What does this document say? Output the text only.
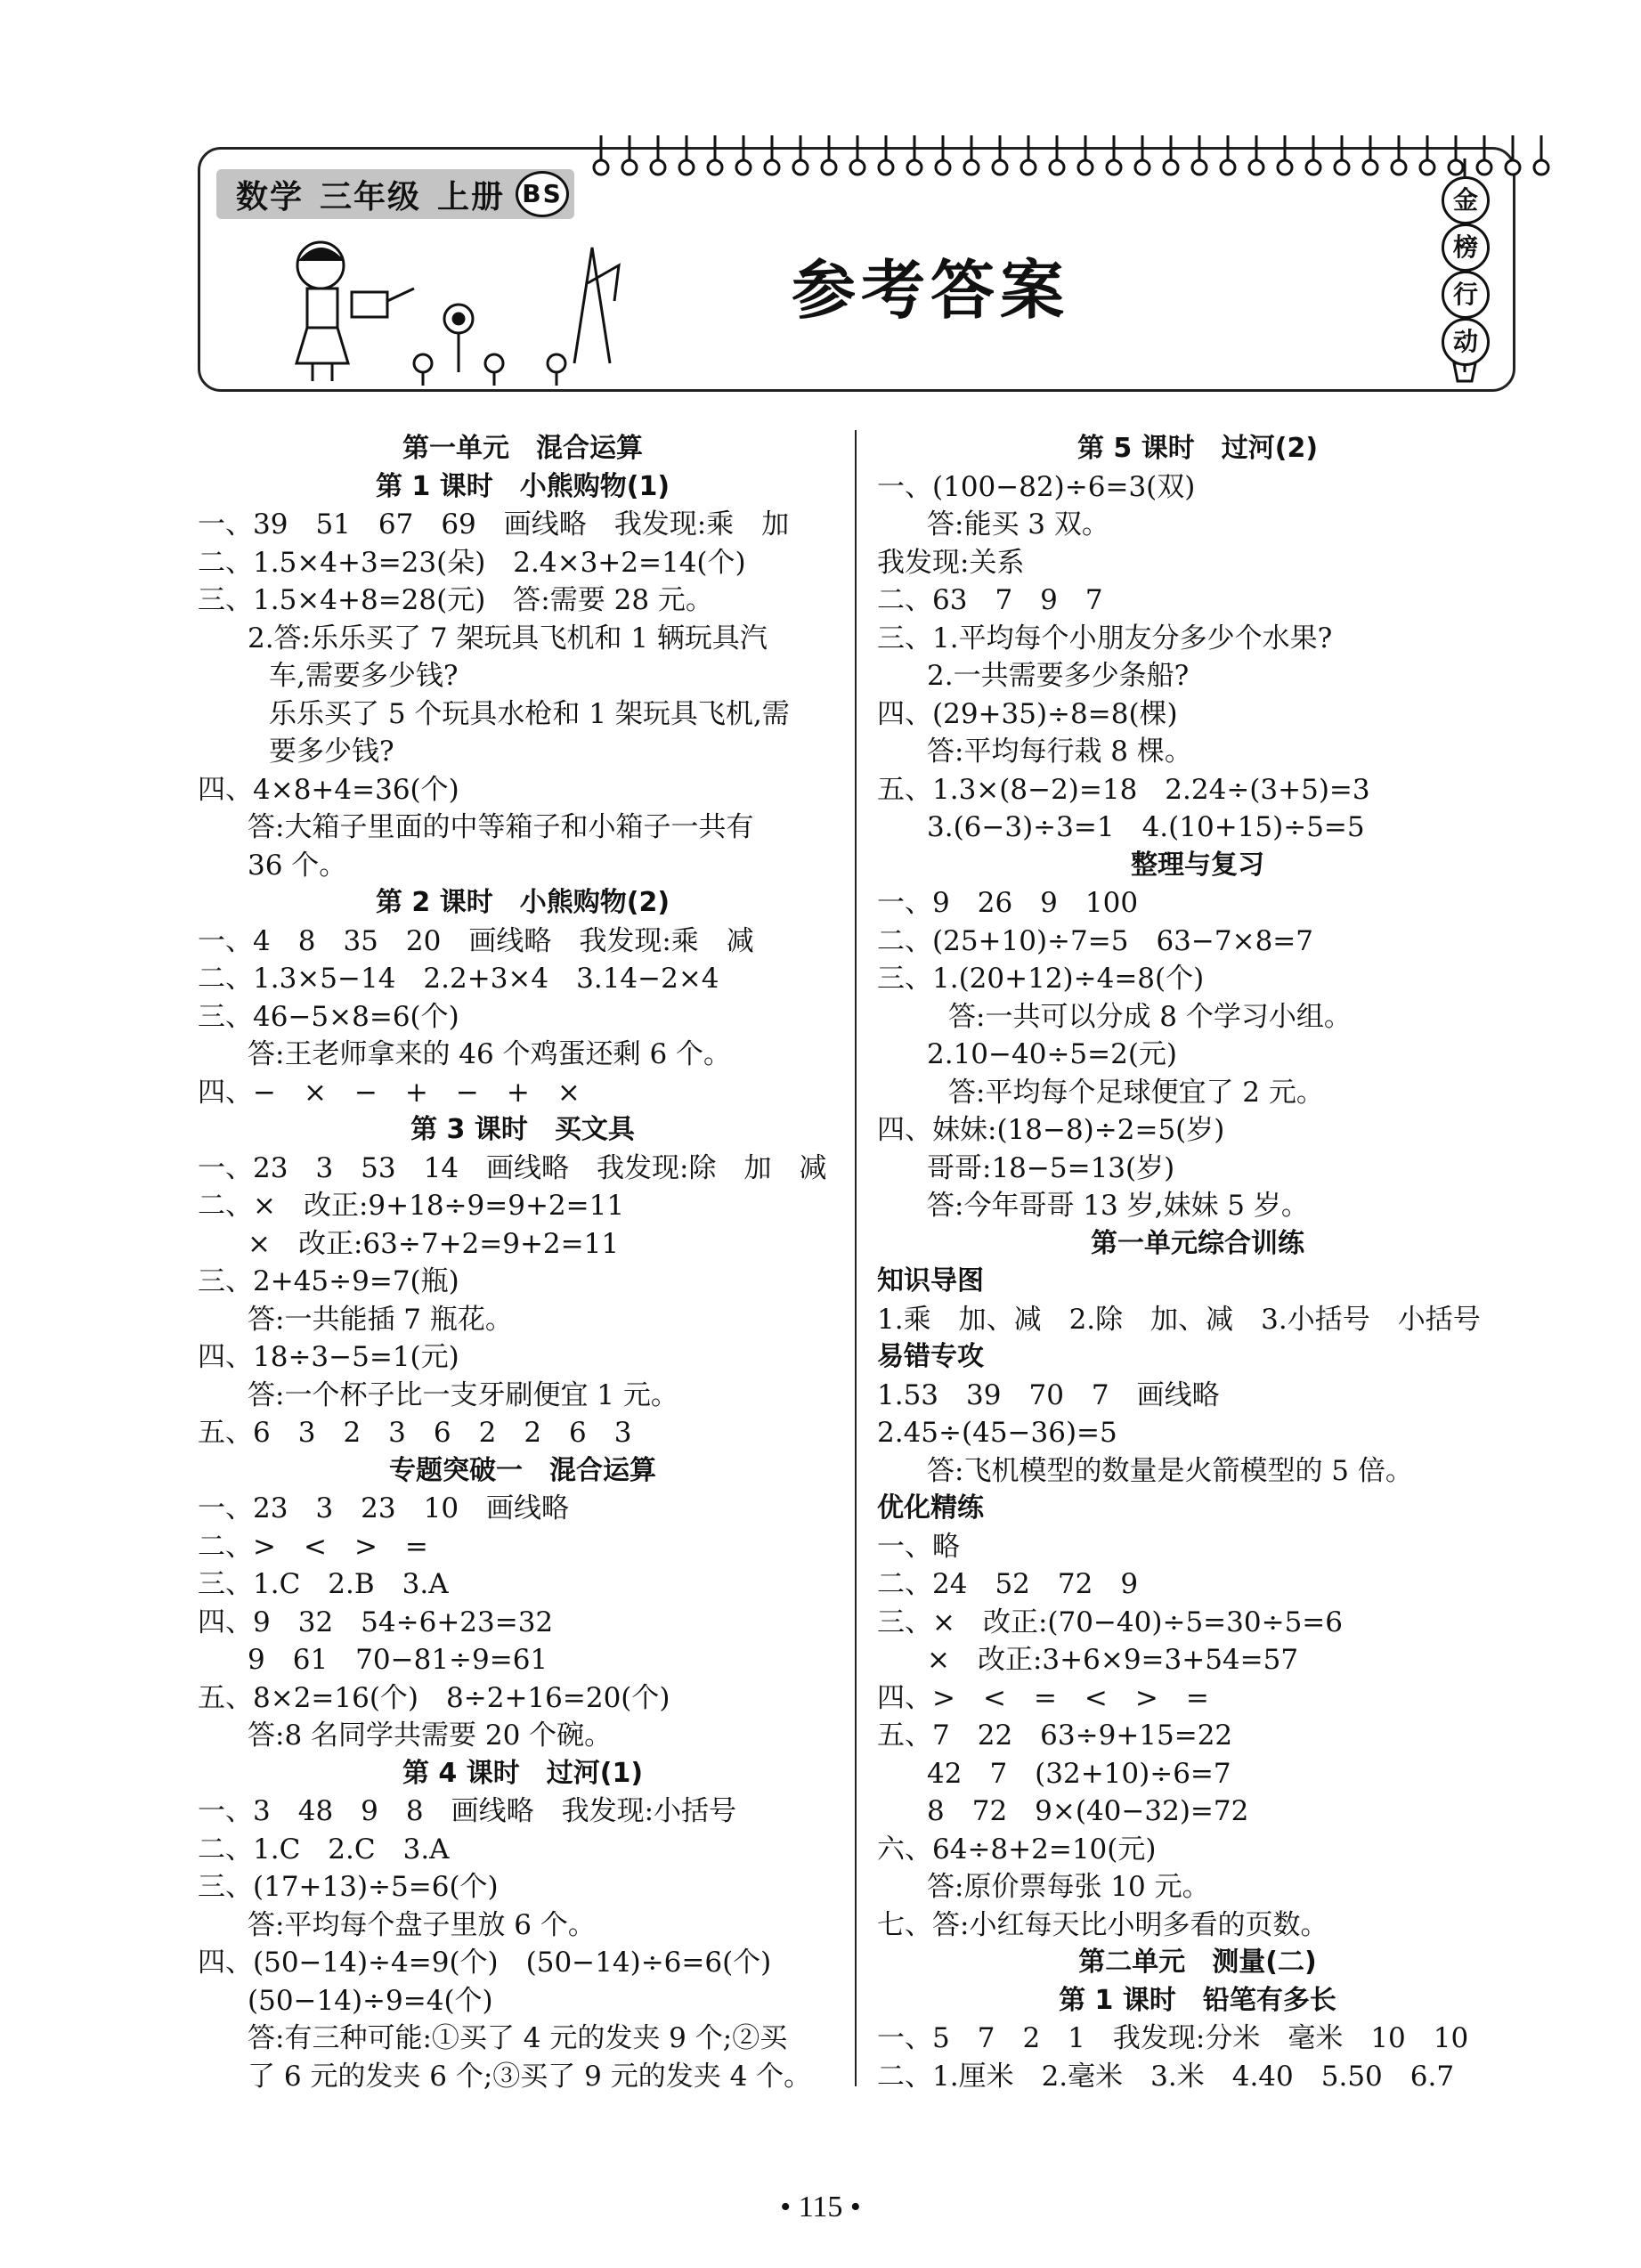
数学 三年级 上册 BS
参考答案
金
榜
行
动
第一单元　混合运算
第 1 课时　小熊购物(1)
一、39　51　67　69　画线略　我发现:乘　加
二、1.5×4+3=23(朵)　2.4×3+2=14(个)
三、1.5×4+8=28(元)　答:需要 28 元。
2.答:乐乐买了 7 架玩具飞机和 1 辆玩具汽
车,需要多少钱?
乐乐买了 5 个玩具水枪和 1 架玩具飞机,需
要多少钱?
四、4×8+4=36(个)
答:大箱子里面的中等箱子和小箱子一共有
36 个。
第 2 课时　小熊购物(2)
一、4　8　35　20　画线略　我发现:乘　减
二、1.3×5−14　2.2+3×4　3.14−2×4
三、46−5×8=6(个)
答:王老师拿来的 46 个鸡蛋还剩 6 个。
四、−　×　−　+　−　+　×
第 3 课时　买文具
一、23　3　53　14　画线略　我发现:除　加　减
二、×　改正:9+18÷9=9+2=11
×　改正:63÷7+2=9+2=11
三、2+45÷9=7(瓶)
答:一共能插 7 瓶花。
四、18÷3−5=1(元)
答:一个杯子比一支牙刷便宜 1 元。
五、6　3　2　3　6　2　2　6　3
专题突破一　混合运算
一、23　3　23　10　画线略
二、>　<　>　=
三、1.C　2.B　3.A
四、9　32　54÷6+23=32
9　61　70−81÷9=61
五、8×2=16(个)　8÷2+16=20(个)
答:8 名同学共需要 20 个碗。
第 4 课时　过河(1)
一、3　48　9　8　画线略　我发现:小括号
二、1.C　2.C　3.A
三、(17+13)÷5=6(个)
答:平均每个盘子里放 6 个。
四、(50−14)÷4=9(个)　(50−14)÷6=6(个)
(50−14)÷9=4(个)
答:有三种可能:①买了 4 元的发夹 9 个;②买
了 6 元的发夹 6 个;③买了 9 元的发夹 4 个。
第 5 课时　过河(2)
一、(100−82)÷6=3(双)
答:能买 3 双。
我发现:关系
二、63　7　9　7
三、1.平均每个小朋友分多少个水果?
2.一共需要多少条船?
四、(29+35)÷8=8(棵)
答:平均每行栽 8 棵。
五、1.3×(8−2)=18　2.24÷(3+5)=3
3.(6−3)÷3=1　4.(10+15)÷5=5
整理与复习
一、9　26　9　100
二、(25+10)÷7=5　63−7×8=7
三、1.(20+12)÷4=8(个)
答:一共可以分成 8 个学习小组。
2.10−40÷5=2(元)
答:平均每个足球便宜了 2 元。
四、妹妹:(18−8)÷2=5(岁)
哥哥:18−5=13(岁)
答:今年哥哥 13 岁,妹妹 5 岁。
第一单元综合训练
知识导图
1.乘　加、减　2.除　加、减　3.小括号　小括号
易错专攻
1.53　39　70　7　画线略
2.45÷(45−36)=5
答:飞机模型的数量是火箭模型的 5 倍。
优化精练
一、略
二、24　52　72　9
三、×　改正:(70−40)÷5=30÷5=6
×　改正:3+6×9=3+54=57
四、>　<　=　<　>　=
五、7　22　63÷9+15=22
42　7　(32+10)÷6=7
8　72　9×(40−32)=72
六、64÷8+2=10(元)
答:原价票每张 10 元。
七、答:小红每天比小明多看的页数。
第二单元　测量(二)
第 1 课时　铅笔有多长
一、5　7　2　1　我发现:分米　毫米　10　10
二、1.厘米　2.毫米　3.米　4.40　5.50　6.7
• 115 •
